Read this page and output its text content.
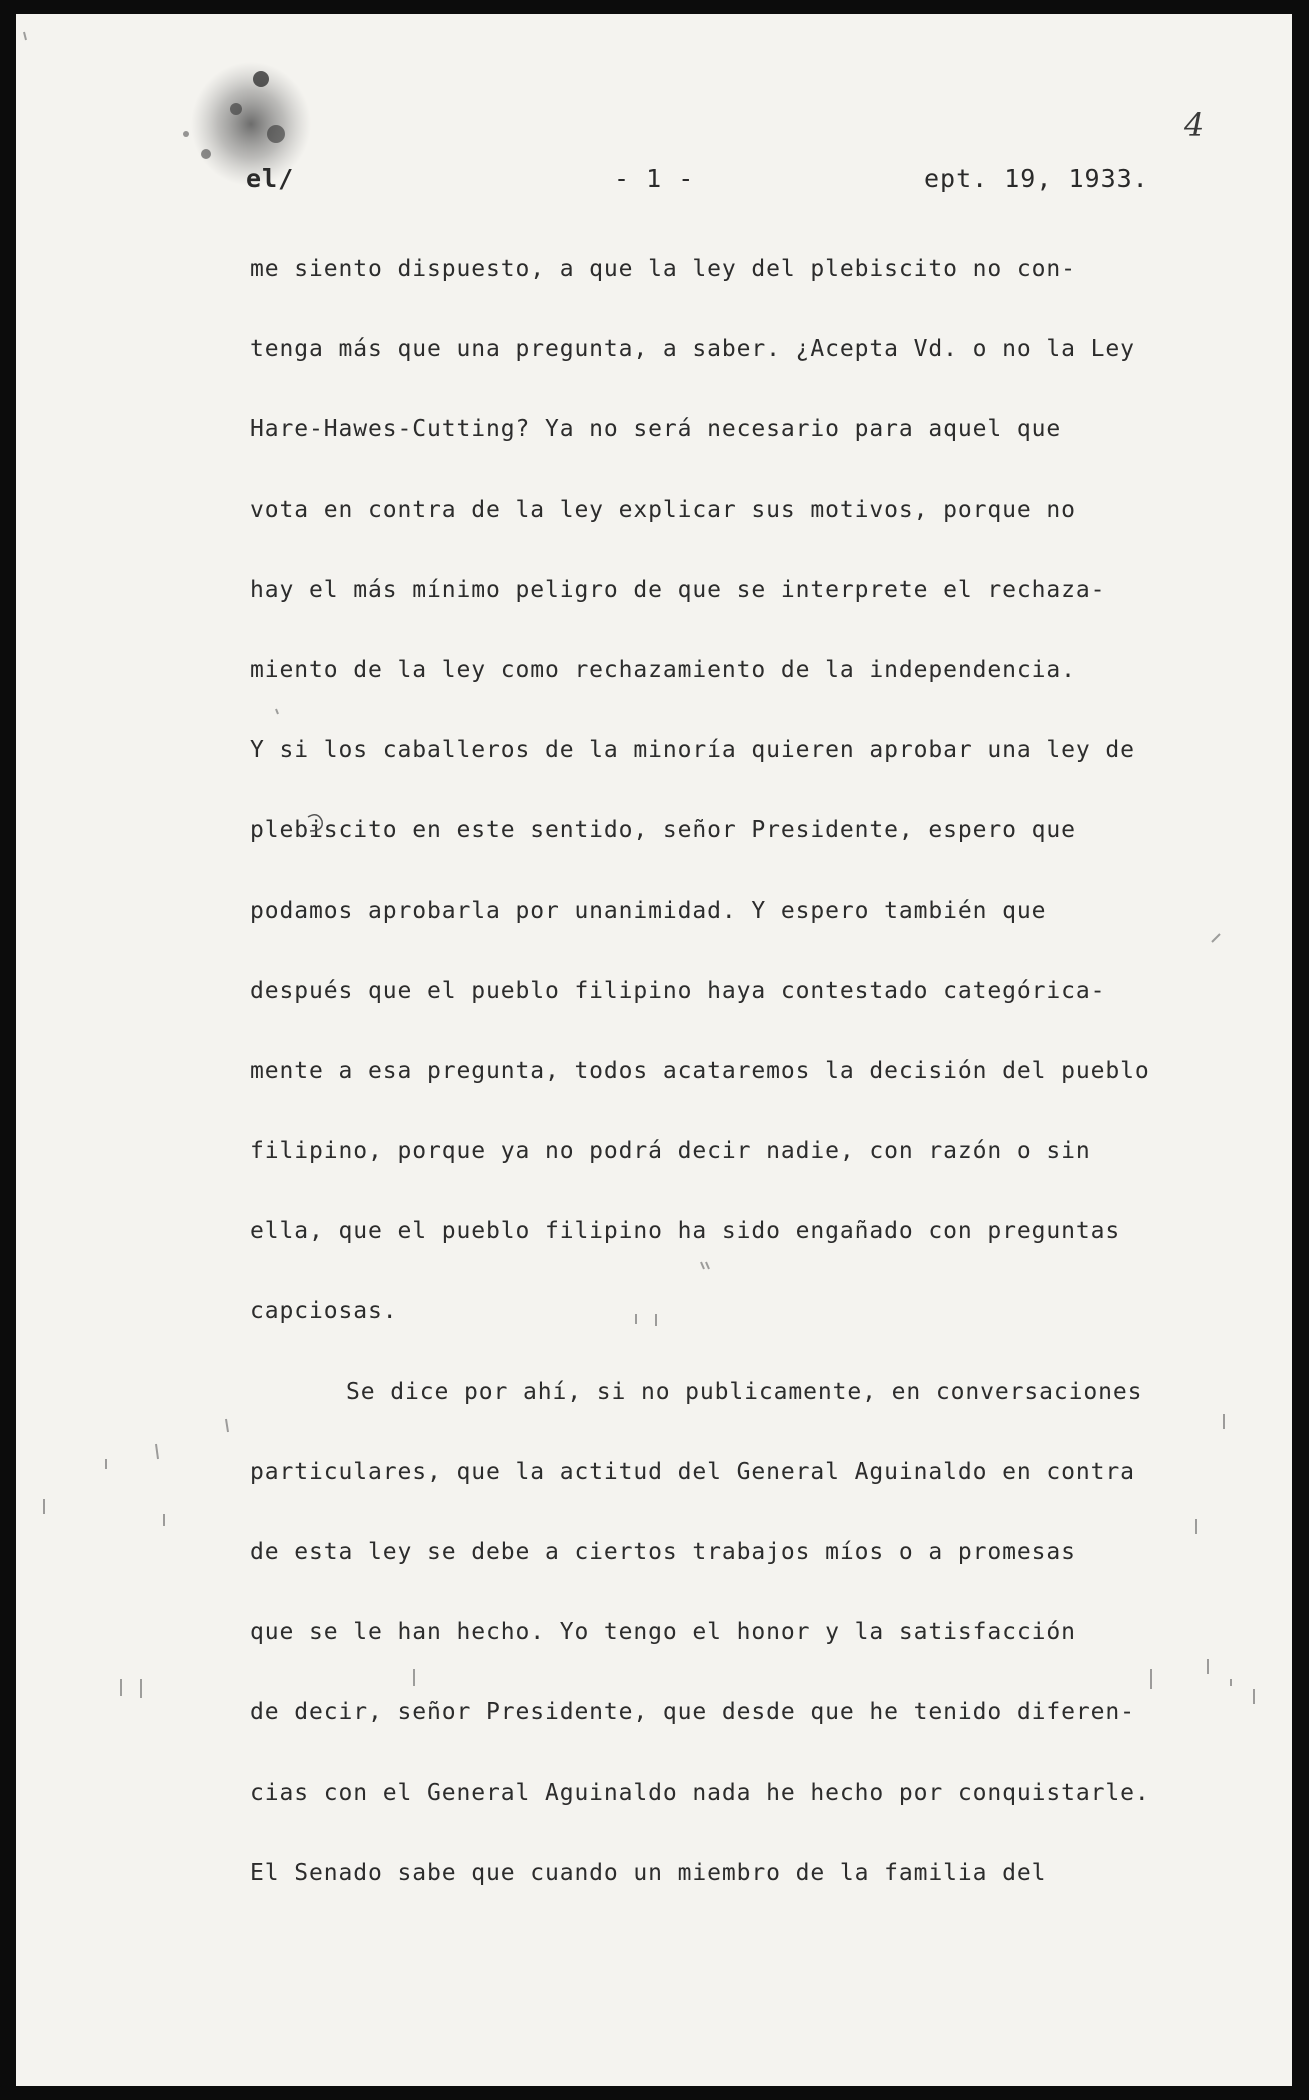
4
el/	- 1 -	ept. 19, 1933.
me siento dispuesto, a que la ley del plebiscito no con-
tenga más que una pregunta, a saber. ¿Acepta Vd. o no la Ley
Hare-Hawes-Cutting? Ya no será necesario para aquel que
vota en contra de la ley explicar sus motivos, porque no
hay el más mínimo peligro de que se interprete el rechaza-
miento de la ley como rechazamiento de la independencia.
Y si los caballeros de la minoría quieren aprobar una ley de
plebiscito en este sentido, señor Presidente, espero que
podamos aprobarla por unanimidad. Y espero también que
después que el pueblo filipino haya contestado categórica-
mente a esa pregunta, todos acataremos la decisión del pueblo
filipino, porque ya no podrá decir nadie, con razón o sin
ella, que el pueblo filipino ha sido engañado con preguntas
capciosas.
Se dice por ahí, si no publicamente, en conversaciones
particulares, que la actitud del General Aguinaldo en contra
de esta ley se debe a ciertos trabajos míos o a promesas
que se le han hecho. Yo tengo el honor y la satisfacción
de decir, señor Presidente, que desde que he tenido diferen-
cias con el General Aguinaldo nada he hecho por conquistarle.
El Senado sabe que cuando un miembro de la familia del
